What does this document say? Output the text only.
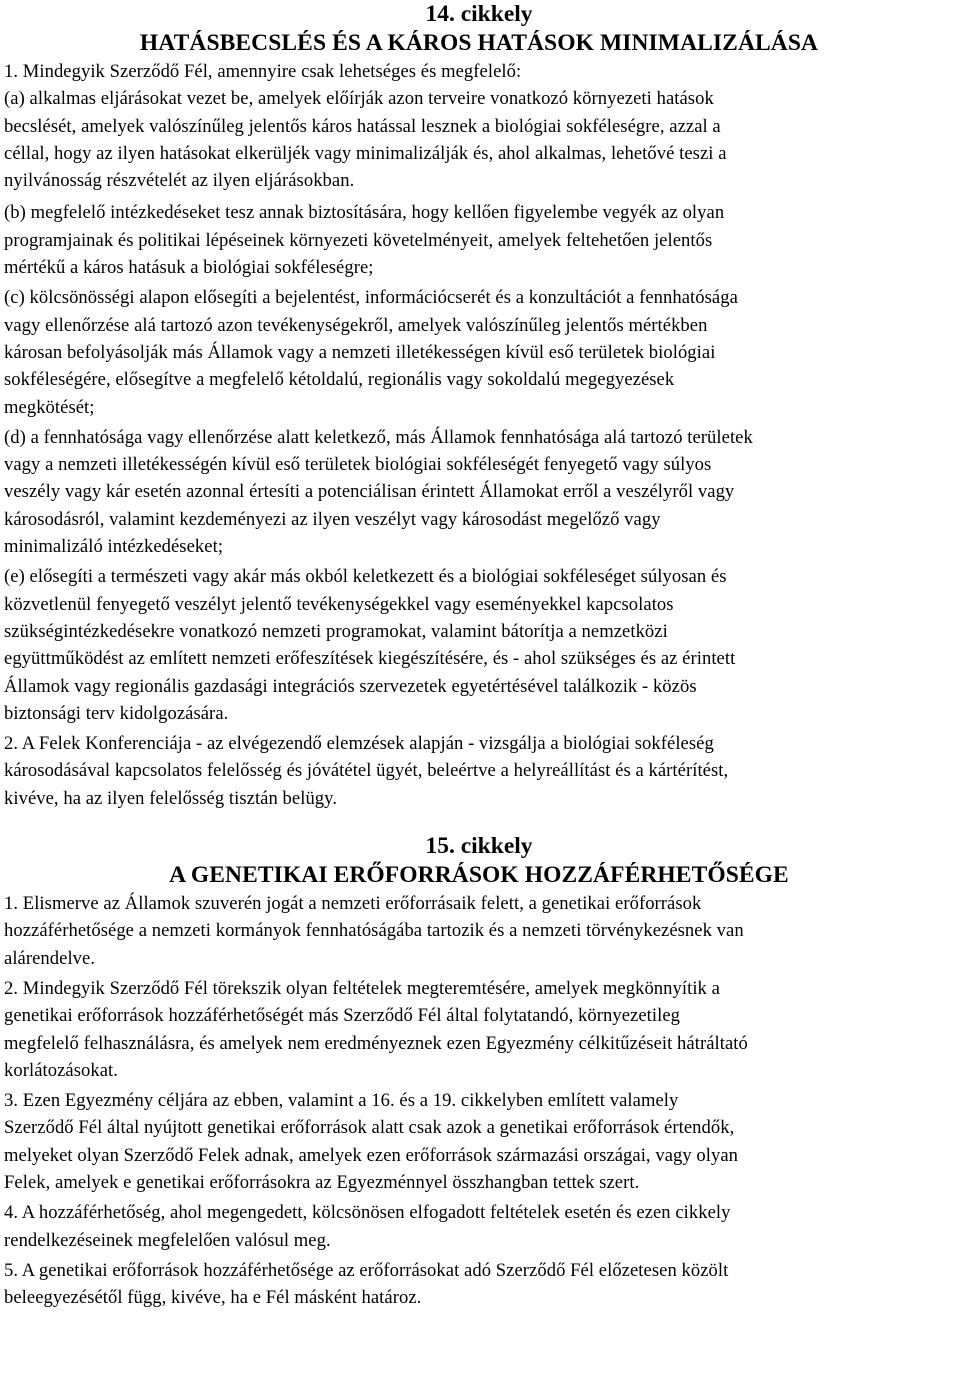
14. cikkely
HATÁSBECSLÉS ÉS A KÁROS HATÁSOK MINIMALIZÁLÁSA

1. Mindegyik Szerződő Fél, amennyire csak lehetséges és megfelelő:
(a) alkalmas eljárásokat vezet be, amelyek előírják azon terveire vonatkozó környezeti hatások
becslését, amelyek valószínűleg jelentős káros hatással lesznek a biológiai sokféleségre, azzal a
céllal, hogy az ilyen hatásokat elkerüljék vagy minimalizálják és, ahol alkalmas, lehetővé teszi a
nyilvánosság részvételét az ilyen eljárásokban.

(b) megfelelő intézkedéseket tesz annak biztosítására, hogy kellően figyelembe vegyék az olyan
programjainak és politikai lépéseinek környezeti követelményeit, amelyek feltehetően jelentős
mértékű a káros hatásuk a biológiai sokféleségre;

(c) kölcsönösségi alapon elősegíti a bejelentést, információcserét és a konzultációt a fennhatósága
vagy ellenőrzése alá tartozó azon tevékenységekről, amelyek valószínűleg jelentős mértékben
károsan befolyásolják más Államok vagy a nemzeti illetékességen kívül eső területek biológiai
sokféleségére, elősegítve a megfelelő kétoldalú, regionális vagy sokoldalú megegyezések
megkötését;

(d) a fennhatósága vagy ellenőrzése alatt keletkező, más Államok fennhatósága alá tartozó területek
vagy a nemzeti illetékességén kívül eső területek biológiai sokféleségét fenyegető vagy súlyos
veszély vagy kár esetén azonnal értesíti a potenciálisan érintett Államokat erről a veszélyről vagy
károsodásról, valamint kezdeményezi az ilyen veszélyt vagy károsodást megelőző vagy
minimalizáló intézkedéseket;

(e) elősegíti a természeti vagy akár más okból keletkezett és a biológiai sokféleséget súlyosan és
közvetlenül fenyegető veszélyt jelentő tevékenységekkel vagy eseményekkel kapcsolatos
szükségintézkedésekre vonatkozó nemzeti programokat, valamint bátorítja a nemzetközi
együttműködést az említett nemzeti erőfeszítések kiegészítésére, és - ahol szükséges és az érintett
Államok vagy regionális gazdasági integrációs szervezetek egyetértésével találkozik - közös
biztonsági terv kidolgozására.

2. A Felek Konferenciája - az elvégezendő elemzések alapján - vizsgálja a biológiai sokféleség
károsodásával kapcsolatos felelősség és jóvátétel ügyét, beleértve a helyreállítást és a kártérítést,
kivéve, ha az ilyen felelősség tisztán belügy.

15. cikkely
A GENETIKAI ERŐFORRÁSOK HOZZÁFÉRHETŐSÉGE

1. Elismerve az Államok szuverén jogát a nemzeti erőforrásaik felett, a genetikai erőforrások
hozzáférhetősége a nemzeti kormányok fennhatóságába tartozik és a nemzeti törvénykezésnek van
alárendelve.

2. Mindegyik Szerződő Fél törekszik olyan feltételek megteremtésére, amelyek megkönnyítik a
genetikai erőforrások hozzáférhetőségét más Szerződő Fél által folytatandó, környezetileg
megfelelő felhasználásra, és amelyek nem eredményeznek ezen Egyezmény célkitűzéseit hátráltató
korlátozásokat.

3. Ezen Egyezmény céljára az ebben, valamint a 16. és a 19. cikkelyben említett valamely
Szerződő Fél által nyújtott genetikai erőforrások alatt csak azok a genetikai erőforrások értendők,
melyeket olyan Szerződő Felek adnak, amelyek ezen erőforrások származási országai, vagy olyan
Felek, amelyek e genetikai erőforrásokra az Egyezménnyel összhangban tettek szert.

4. A hozzáférhetőség, ahol megengedett, kölcsönösen elfogadott feltételek esetén és ezen cikkely
rendelkezéseinek megfelelően valósul meg.

5. A genetikai erőforrások hozzáférhetősége az erőforrásokat adó Szerződő Fél előzetesen közölt
beleegyezésétől függ, kivéve, ha e Fél másként határoz.
